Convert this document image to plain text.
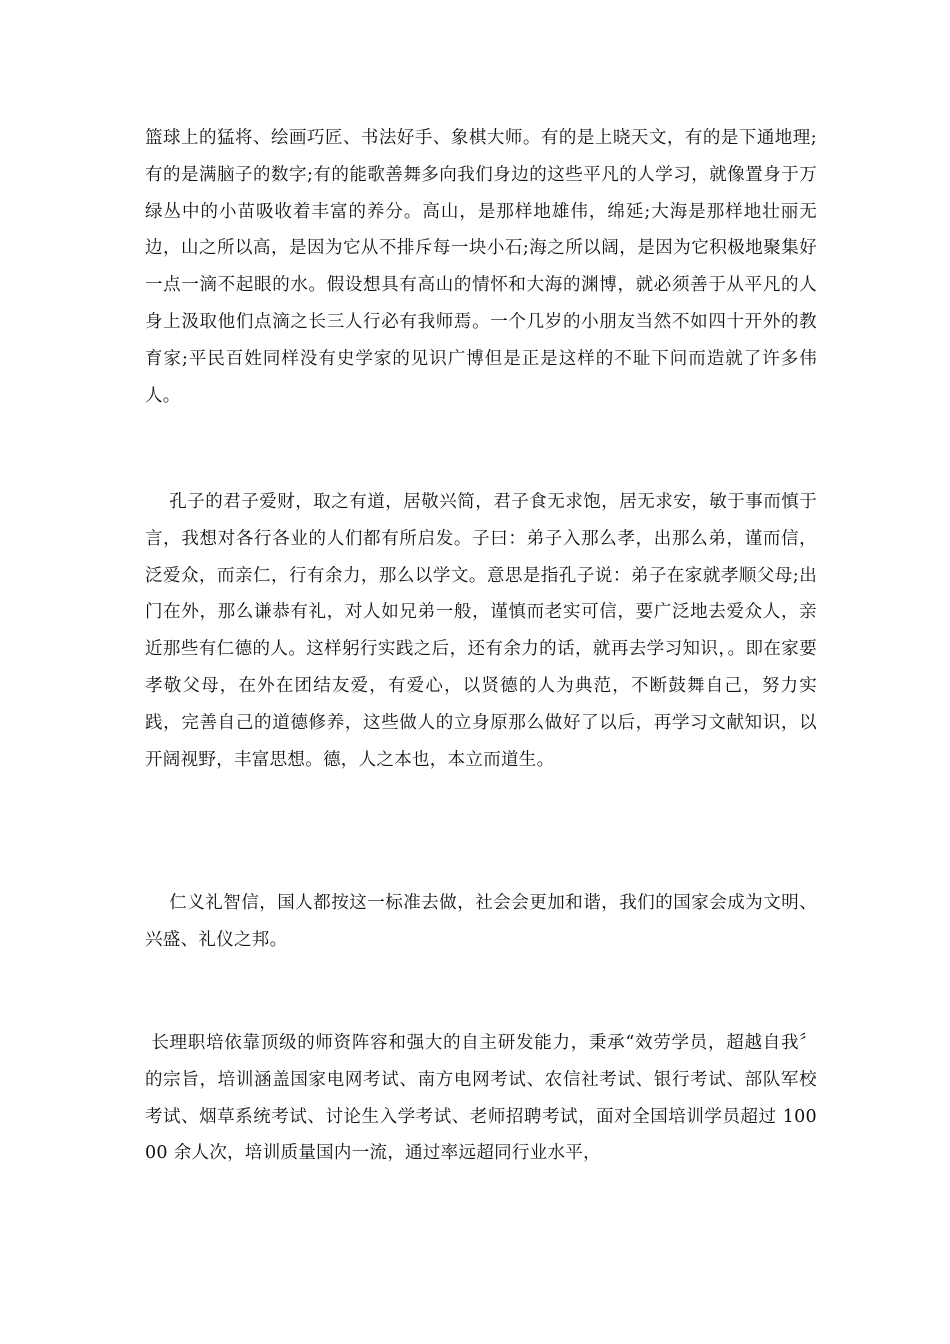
篮球上的猛将、绘画巧匠、书法好手、象棋大师。有的是上晓天文，有的是下通地理;有的是满脑子的数字;有的能歌善舞多向我们身边的这些平凡的人学习，就像置身于万绿丛中的小苗吸收着丰富的养分。高山，是那样地雄伟，绵延;大海是那样地壮丽无边，山之所以高，是因为它从不排斥每一块小石;海之所以阔，是因为它积极地聚集好一点一滴不起眼的水。假设想具有高山的情怀和大海的渊博，就必须善于从平凡的人身上汲取他们点滴之长三人行必有我师焉。一个几岁的小朋友当然不如四十开外的教育家;平民百姓同样没有史学家的见识广博但是正是这样的不耻下问而造就了许多伟人。

孔子的君子爱财，取之有道，居敬兴简，君子食无求饱，居无求安，敏于事而慎于言，我想对各行各业的人们都有所启发。子曰：弟子入那么孝，出那么弟，谨而信，泛爱众，而亲仁，行有余力，那么以学文。意思是指孔子说：弟子在家就孝顺父母;出门在外，那么谦恭有礼，对人如兄弟一般，谨慎而老实可信，要广泛地去爱众人，亲近那些有仁德的人。这样躬行实践之后，还有余力的话，就再去学习知识，。即在家要孝敬父母，在外在团结友爱，有爱心，以贤德的人为典范，不断鼓舞自己，努力实践，完善自己的道德修养，这些做人的立身原那么做好了以后，再学习文献知识，以开阔视野，丰富思想。德，人之本也，本立而道生。

仁义礼智信，国人都按这一标准去做，社会会更加和谐，我们的国家会成为文明、兴盛、礼仪之邦。

长理职培依靠顶级的师资阵容和强大的自主研发能力，秉承“效劳学员，超越自我〞的宗旨，培训涵盖国家电网考试、南方电网考试、农信社考试、银行考试、部队军校考试、烟草系统考试、讨论生入学考试、老师招聘考试，面对全国培训学员超过 10000 余人次，培训质量国内一流，通过率远超同行业水平，
